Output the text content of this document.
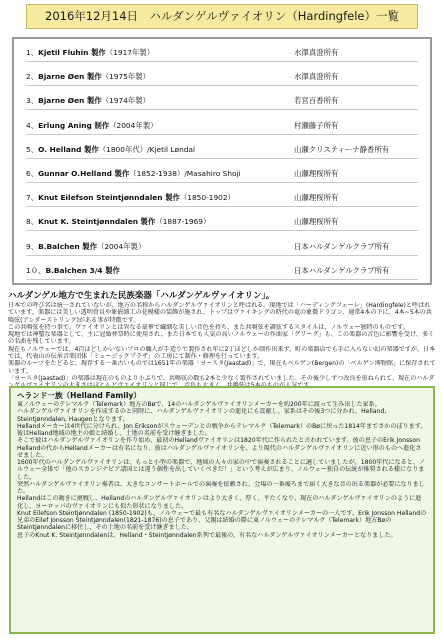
2016年12月14日　ハルダンゲルヴァイオリン（Hardingfele）一覧
1、Kjetil Fluhin 製作（1917年製）	水澤真澄所有
2、Bjarne Øen 製作（1975年製）	水澤真澄所有
3、Bjarne Øen 製作（1974年製）	若宮百香所有
4、Erlung Aning 制作（2004年製）	村瀬藤子所有
5、O. Helland 製作（1800年代）/Kjetil Løndal	山瀬クリスティーナ静香所有
6、Gunnar O.Helland 製作（1852-1938）/Masahiro Shoji	山瀬理桜所有
7、Knut Eilefson Steintjønndalen 製作（1850-1902）	山瀬理桜所有
8、Knut K. Steintjønndalen 製作（1887-1969）	山瀬理桜所有
9、B.Balchen 製作（2004年製）	日本ハルダンゲルクラブ所有
1０、B.Balchen 3/4 製作	日本ハルダンゲルクラブ所有
ハルダンゲル地方で生まれた民族楽器「ハルダンゲルヴァイオリン」。

日本での呼び名は統一されていないが、地方の名称からハルダンゲルヴァイオリンと呼ばれる。現地では「ハーディングフェーレ」(Hardingfele)と呼ばれています。楽器には美しい透明骨貝や象嵌細工の花模様の装飾が施され、トップはヴァイキングの時代の竜の象徴ドラゴン。通常4本の下に、4本~5本の共鳴弦(アンダーストリング)がある事が特徴です。

この共鳴弦を持つ事で、ヴァイオリンとは異なる豪華で繊細な美しい音色を持ち、また共鳴弦を調弦するスタイルは、ノルウェー独特のものです。

現地では神聖な楽器として、主に冠婚葬祭時に使用され、また日本でも人気の高いノルウェーの作曲家「グリーグ」も、この楽器の音色に影響を受け、多くの名曲を残しています。

現在もノルウェーでは、4百ほどしかいないプロの職人が手造りで製作され年に2丁ほどしか制作出来ず、町の楽器店でも手に入らない幻の楽器ですが、日本では、代表山の伝承音楽団体「ミュージックプラザ」の工房にて制作・修理を行っています。

楽器のルーツをたどると、現存する一番古いものでは1651年の楽器「ヨースタ(Jaastad)」で、現在もベルゲン(Bergen)の「ベルゲン博物館」に保存されています。

「ヨースタ(Jaastad)」の楽器は現在のものより小ぶりで、共鳴弦の数も2本と少なく製作されていました。その後少しずつ改良を重ねられて、現在のハルダ

ヘランド一族（Helland Family）

東ノルウェーのテレマルク（Telemark）地方のBøで、14のハルダンゲルヴァイオリンメーカーを約200年に渡って生み出した家系。

ハルダンゲルヴァイオリンを作成するのと同時に、ハルダンゲルヴァイオリンの進化にも貢献し、家系はその後3つに分かれ、Helland, Steintjønndalen, Haugenとなります。

Hellandメーカーは4世代に分けられ、Jon Eriksonがスウェーデンとの戦争からテレマルク（Telemark）のBøに戻った1814年までさかのぼります。彼はHelland地域の地主の娘と結婚し、土地の名前を受け継ぎました。

そこで彼はハルダンゲルヴァイオリンを作り始め、最初のHellandヴァイオリンは1820年代に作られたと言われています。彼の息子のErik Jonsson Hellandの代からHellandメーカーは有名になり、彼はハルダンゲルヴァイオリンを、より現代のハルダンゲルヴァイオリンに近い形のものへ進化させました。

1600年代のハルダンゲルヴァイオリンは、もっと小型の楽器で、地域の人々の家の中で演奏されることに適していましたが、1800年代になると、ノルウェー全体で「他のスカンジナビア諸国とは違う個性を出していくべきだ！」という考えが広まり、ノルウェー独自の伝統が推奨される様になりました。

突然ハルダンゲルヴァイオリン奏者は、大きなコンサートホールでの演奏を依頼され、会場の一番後ろまで届く大きな音の出る楽器が必要になりました。

Hellandはこの動きに挑戦し、Hellandのハルダンゲルヴァイオリンはより大きく、厚く、平たくなり、現在のハルダンゲルヴァイオリンのように進化し、ヨーロッパのヴァイオリンにも似た形状になりました。

Knut Eilefson Steintjønndalen (1850-1902)も、ノルウェーで最も有名なハルダンゲルヴァイオリンメーカーの一人です。Erik Jonsson Hellandの兄弟のEilef Jonsson Steintjønndalen(1821-1876)の息子であり、父親は結婚の際に東ノルウェーのテレマルク（Telemark）地方BøのSteintjønndalenに移住し、その土地の名前を受け継ぎました。

息子のKnut K. Steintjønndalenは、Helland・Steintjønndalen系列で最後の、有名なハルダンゲルヴァイオリンメーカーとなりました。
